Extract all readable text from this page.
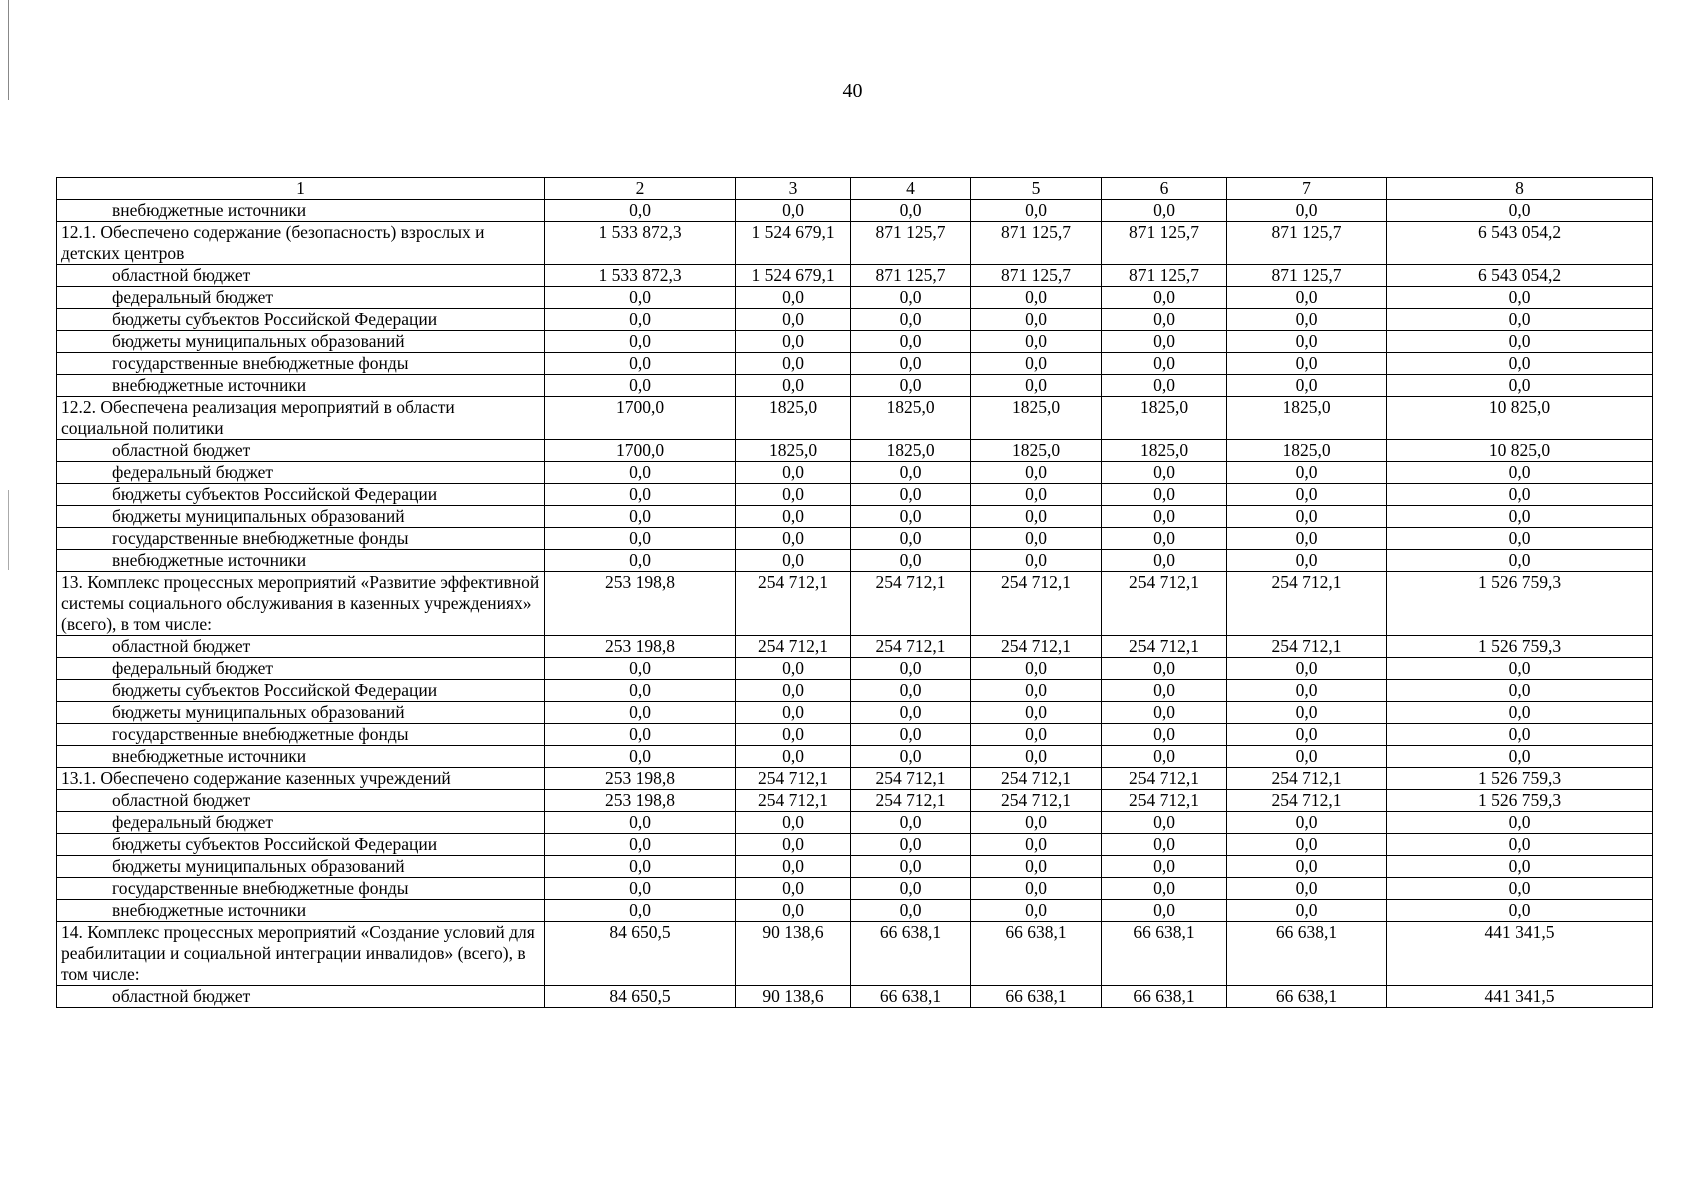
40
1	2	3	4	5	6	7	8
внебюджетные источники	0,0	0,0	0,0	0,0	0,0	0,0	0,0
12.1. Обеспечено содержание (безопасность) взрослых и детских центров	1 533 872,3	1 524 679,1	871 125,7	871 125,7	871 125,7	871 125,7	6 543 054,2
областной бюджет	1 533 872,3	1 524 679,1	871 125,7	871 125,7	871 125,7	871 125,7	6 543 054,2
федеральный бюджет	0,0	0,0	0,0	0,0	0,0	0,0	0,0
бюджеты субъектов Российской Федерации	0,0	0,0	0,0	0,0	0,0	0,0	0,0
бюджеты муниципальных образований	0,0	0,0	0,0	0,0	0,0	0,0	0,0
государственные внебюджетные фонды	0,0	0,0	0,0	0,0	0,0	0,0	0,0
внебюджетные источники	0,0	0,0	0,0	0,0	0,0	0,0	0,0
12.2. Обеспечена реализация мероприятий в области социальной политики	1700,0	1825,0	1825,0	1825,0	1825,0	1825,0	10 825,0
областной бюджет	1700,0	1825,0	1825,0	1825,0	1825,0	1825,0	10 825,0
федеральный бюджет	0,0	0,0	0,0	0,0	0,0	0,0	0,0
бюджеты субъектов Российской Федерации	0,0	0,0	0,0	0,0	0,0	0,0	0,0
бюджеты муниципальных образований	0,0	0,0	0,0	0,0	0,0	0,0	0,0
государственные внебюджетные фонды	0,0	0,0	0,0	0,0	0,0	0,0	0,0
внебюджетные источники	0,0	0,0	0,0	0,0	0,0	0,0	0,0
13. Комплекс процессных мероприятий «Развитие эффективной системы социального обслуживания в казенных учреждениях» (всего), в том числе:	253 198,8	254 712,1	254 712,1	254 712,1	254 712,1	254 712,1	1 526 759,3
областной бюджет	253 198,8	254 712,1	254 712,1	254 712,1	254 712,1	254 712,1	1 526 759,3
федеральный бюджет	0,0	0,0	0,0	0,0	0,0	0,0	0,0
бюджеты субъектов Российской Федерации	0,0	0,0	0,0	0,0	0,0	0,0	0,0
бюджеты муниципальных образований	0,0	0,0	0,0	0,0	0,0	0,0	0,0
государственные внебюджетные фонды	0,0	0,0	0,0	0,0	0,0	0,0	0,0
внебюджетные источники	0,0	0,0	0,0	0,0	0,0	0,0	0,0
13.1. Обеспечено содержание казенных учреждений	253 198,8	254 712,1	254 712,1	254 712,1	254 712,1	254 712,1	1 526 759,3
областной бюджет	253 198,8	254 712,1	254 712,1	254 712,1	254 712,1	254 712,1	1 526 759,3
федеральный бюджет	0,0	0,0	0,0	0,0	0,0	0,0	0,0
бюджеты субъектов Российской Федерации	0,0	0,0	0,0	0,0	0,0	0,0	0,0
бюджеты муниципальных образований	0,0	0,0	0,0	0,0	0,0	0,0	0,0
государственные внебюджетные фонды	0,0	0,0	0,0	0,0	0,0	0,0	0,0
внебюджетные источники	0,0	0,0	0,0	0,0	0,0	0,0	0,0
14. Комплекс процессных мероприятий «Создание условий для реабилитации и социальной интеграции инвалидов» (всего), в том числе:	84 650,5	90 138,6	66 638,1	66 638,1	66 638,1	66 638,1	441 341,5
областной бюджет	84 650,5	90 138,6	66 638,1	66 638,1	66 638,1	66 638,1	441 341,5
